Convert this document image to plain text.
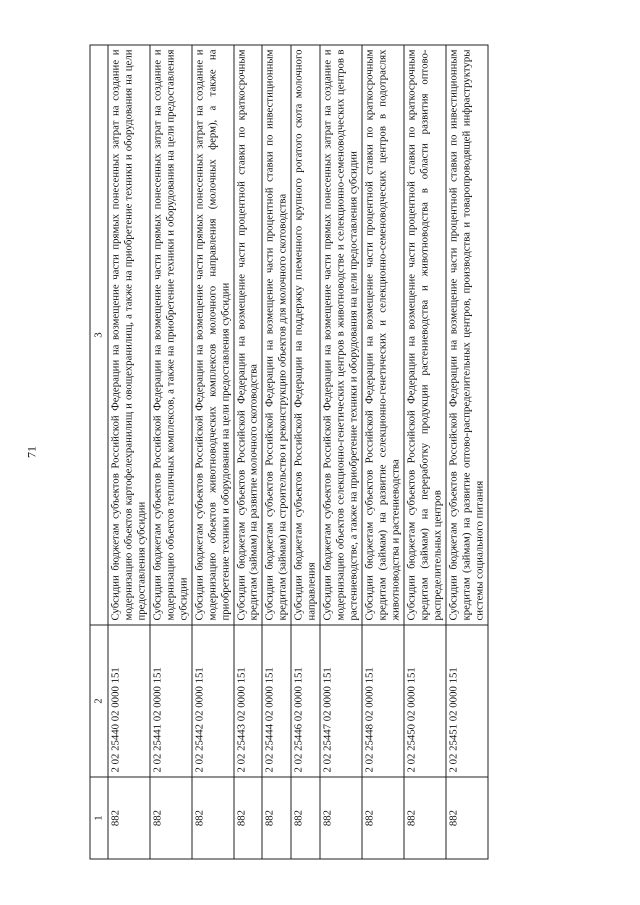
71
1	2	3
882	2 02 25440 02 0000 151	Субсидии бюджетам субъектов Российской Федерации на возмещение части прямых понесенных затрат на создание и модернизацию объектов картофелехранилищ и овощехранилищ, а также на приобретение техники и оборудования на цели предоставления субсидии
882	2 02 25441 02 0000 151	Субсидии бюджетам субъектов Российской Федерации на возмещение части прямых понесенных затрат на создание и модернизацию объектов тепличных комплексов, а также на приобретение техники и оборудования на цели предоставления субсидии
882	2 02 25442 02 0000 151	Субсидии бюджетам субъектов Российской Федерации на возмещение части прямых понесенных затрат на создание и модернизацию объектов животноводческих комплексов молочного направления (молочных ферм), а также на приобретение техники и оборудования на цели предоставления субсидии
882	2 02 25443 02 0000 151	Субсидии бюджетам субъектов Российской Федерации на возмещение части процентной ставки по краткосрочным кредитам (займам) на развитие молочного скотоводства
882	2 02 25444 02 0000 151	Субсидии бюджетам субъектов Российской Федерации на возмещение части процентной ставки по инвестиционным кредитам (займам) на строительство и реконструкцию объектов для молочного скотоводства
882	2 02 25446 02 0000 151	Субсидии бюджетам субъектов Российской Федерации на поддержку племенного крупного рогатого скота молочного направления
882	2 02 25447 02 0000 151	Субсидии бюджетам субъектов Российской Федерации на возмещение части прямых понесенных затрат на создание и модернизацию объектов селекционно-генетических центров в животноводстве и селекционно-семеноводческих центров в растениеводстве, а также на приобретение техники и оборудования на цели предоставления субсидии
882	2 02 25448 02 0000 151	Субсидии бюджетам субъектов Российской Федерации на возмещение части процентной ставки по краткосрочным кредитам (займам) на развитие селекционно-генетических и селекционно-семеноводческих центров в подотраслях животноводства и растениеводства
882	2 02 25450 02 0000 151	Субсидии бюджетам субъектов Российской Федерации на возмещение части процентной ставки по краткосрочным кредитам (займам) на переработку продукции растениеводства и животноводства в области развития оптово-распределительных центров
882	2 02 25451 02 0000 151	Субсидии бюджетам субъектов Российской Федерации на возмещение части процентной ставки по инвестиционным кредитам (займам) на развитие оптово-распределительных центров, производства и товаропроводящей инфраструктуры системы социального питания
